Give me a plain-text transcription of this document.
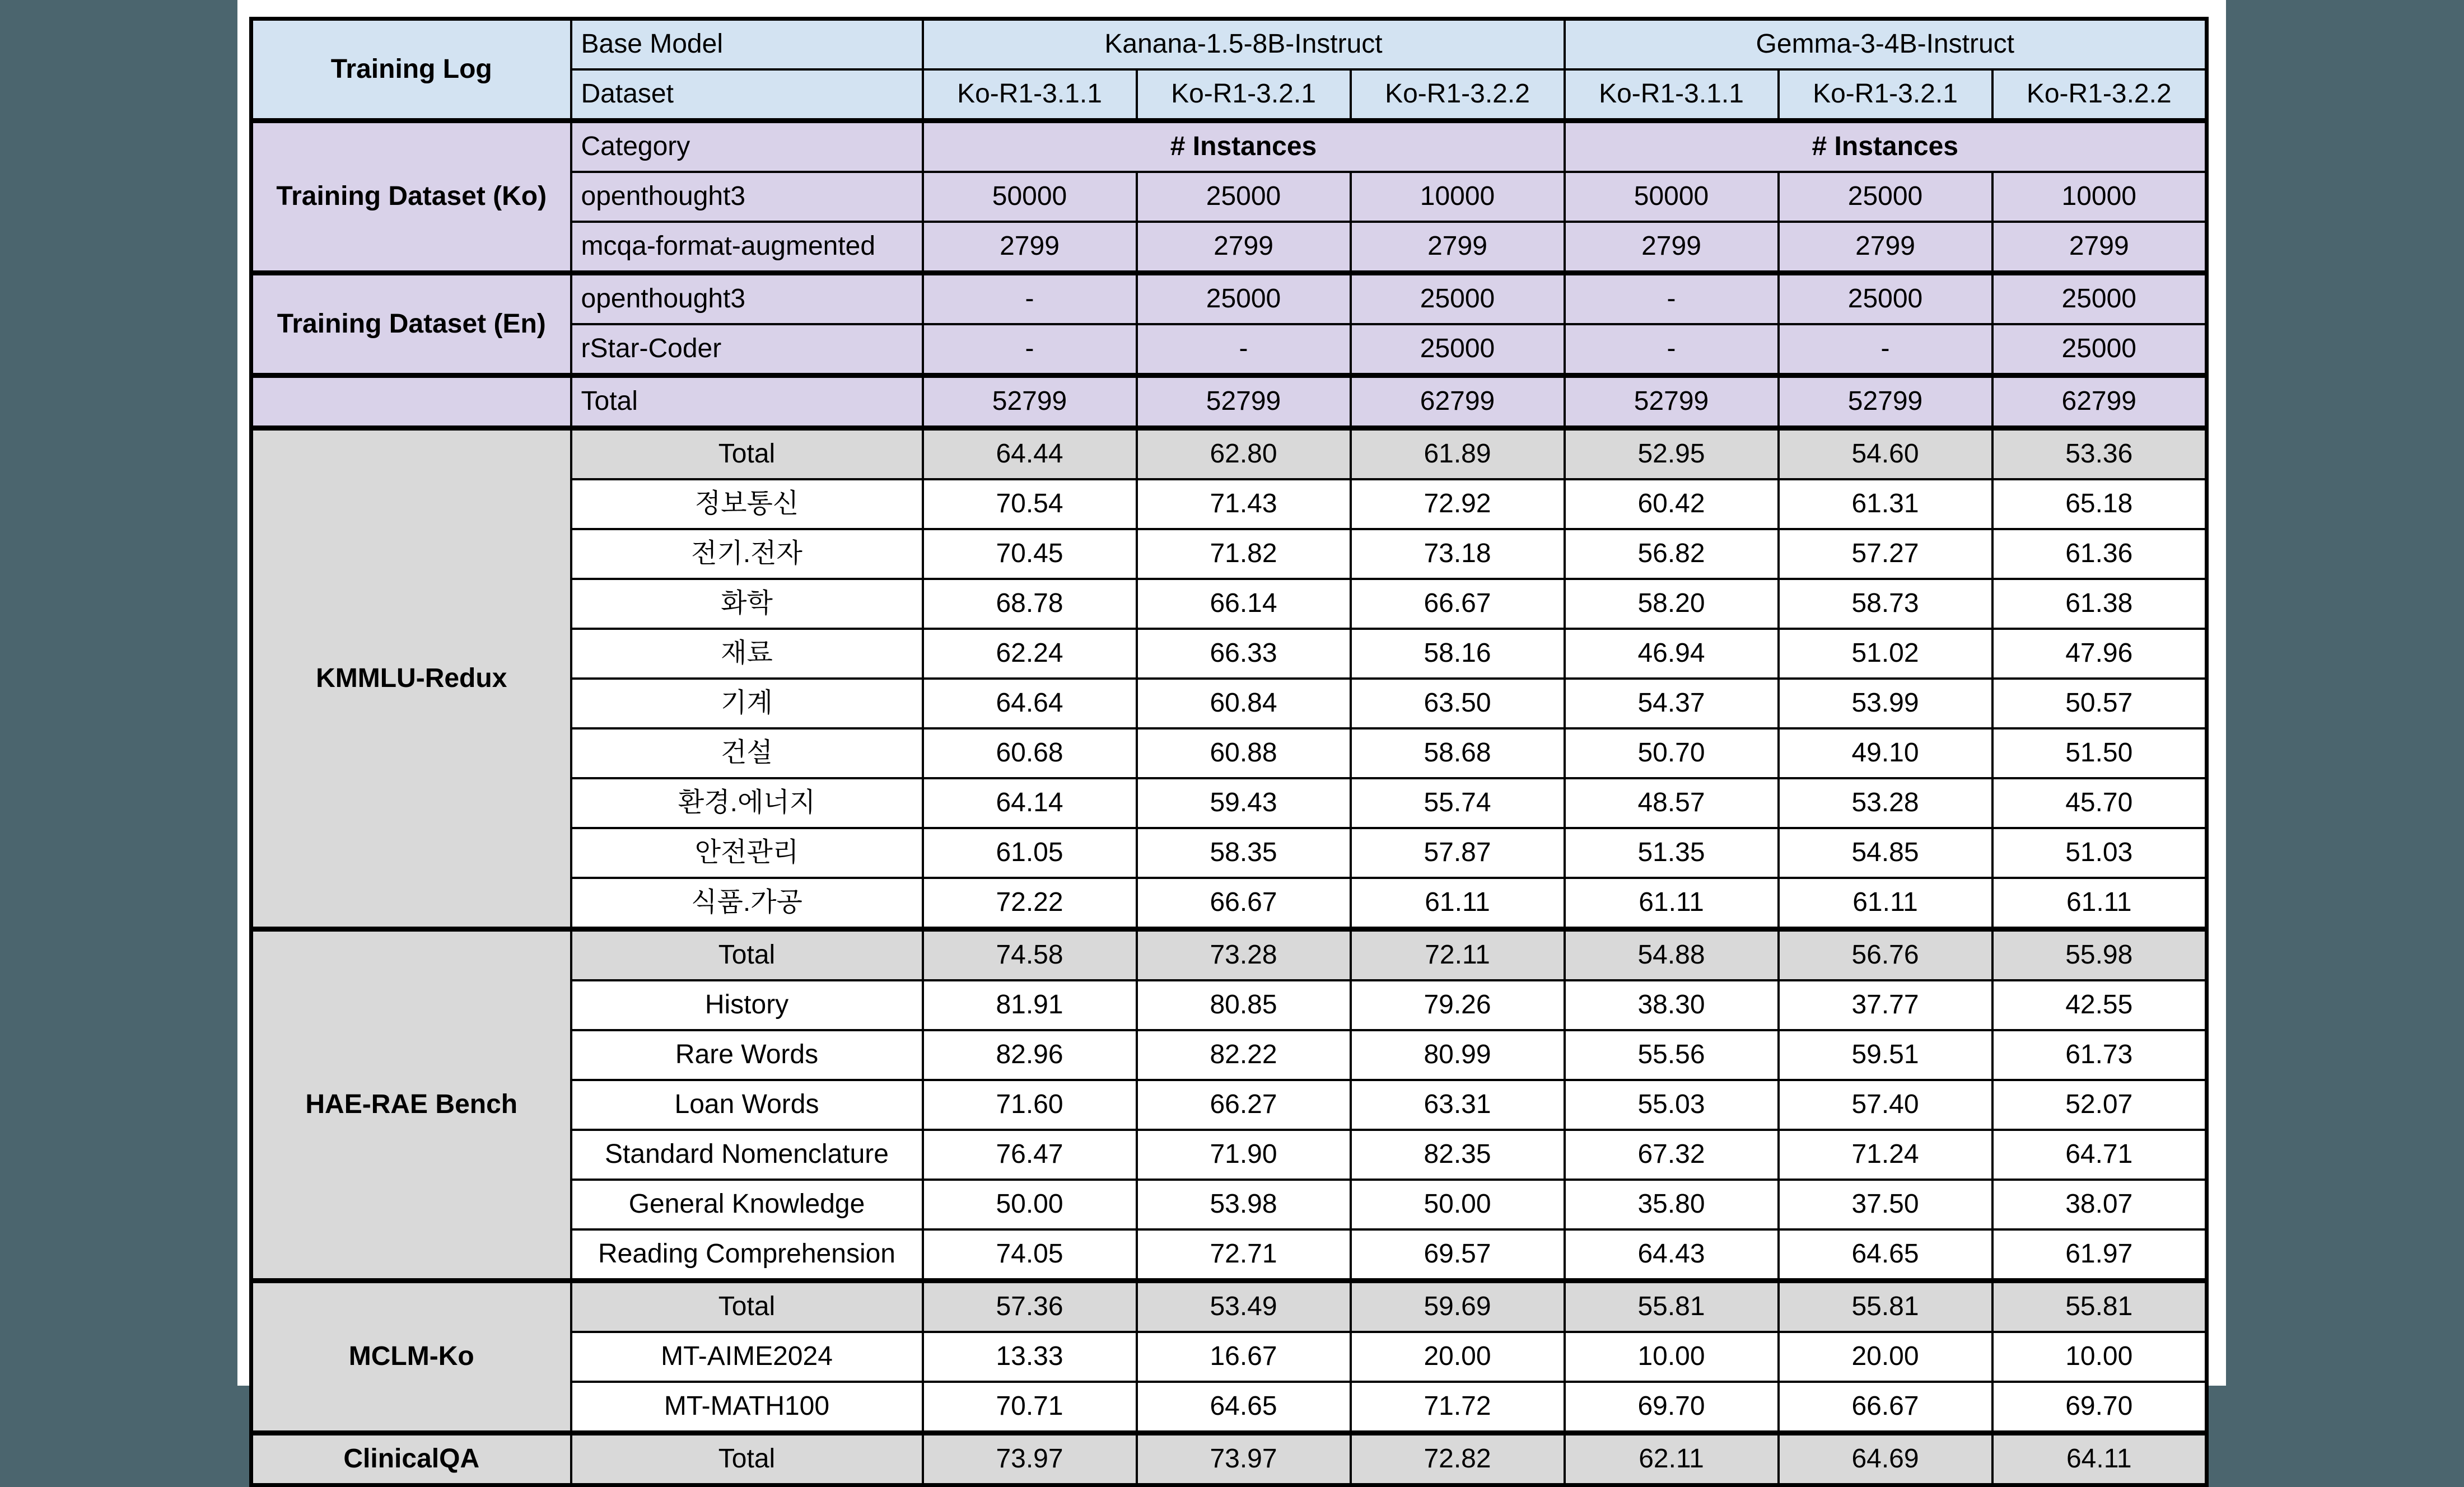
Training Log	Base Model	Kanana-1.5-8B-Instruct			Gemma-3-4B-Instruct		
	Dataset	Ko-R1-3.1.1	Ko-R1-3.2.1	Ko-R1-3.2.2	Ko-R1-3.1.1	Ko-R1-3.2.1	Ko-R1-3.2.2
Training Dataset (Ko)	Category	# Instances			# Instances		
	openthought3	50000	25000	10000	50000	25000	10000
	mcqa-format-augmented	2799	2799	2799	2799	2799	2799
Training Dataset (En)	openthought3	-	25000	25000	-	25000	25000
	rStar-Coder	-	-	25000	-	-	25000
	Total	52799	52799	62799	52799	52799	62799
KMMLU-Redux	Total	64.44	62.80	61.89	52.95	54.60	53.36
	정보통신	70.54	71.43	72.92	60.42	61.31	65.18
	전기.전자	70.45	71.82	73.18	56.82	57.27	61.36
	화학	68.78	66.14	66.67	58.20	58.73	61.38
	재료	62.24	66.33	58.16	46.94	51.02	47.96
	기계	64.64	60.84	63.50	54.37	53.99	50.57
	건설	60.68	60.88	58.68	50.70	49.10	51.50
	환경.에너지	64.14	59.43	55.74	48.57	53.28	45.70
	안전관리	61.05	58.35	57.87	51.35	54.85	51.03
	식품.가공	72.22	66.67	61.11	61.11	61.11	61.11
HAE-RAE Bench	Total	74.58	73.28	72.11	54.88	56.76	55.98
	History	81.91	80.85	79.26	38.30	37.77	42.55
	Rare Words	82.96	82.22	80.99	55.56	59.51	61.73
	Loan Words	71.60	66.27	63.31	55.03	57.40	52.07
	Standard Nomenclature	76.47	71.90	82.35	67.32	71.24	64.71
	General Knowledge	50.00	53.98	50.00	35.80	37.50	38.07
	Reading Comprehension	74.05	72.71	69.57	64.43	64.65	61.97
MCLM-Ko	Total	57.36	53.49	59.69	55.81	55.81	55.81
	MT-AIME2024	13.33	16.67	20.00	10.00	20.00	10.00
	MT-MATH100	70.71	64.65	71.72	69.70	66.67	69.70
ClinicalQA	Total	73.97	73.97	72.82	62.11	64.69	64.11
